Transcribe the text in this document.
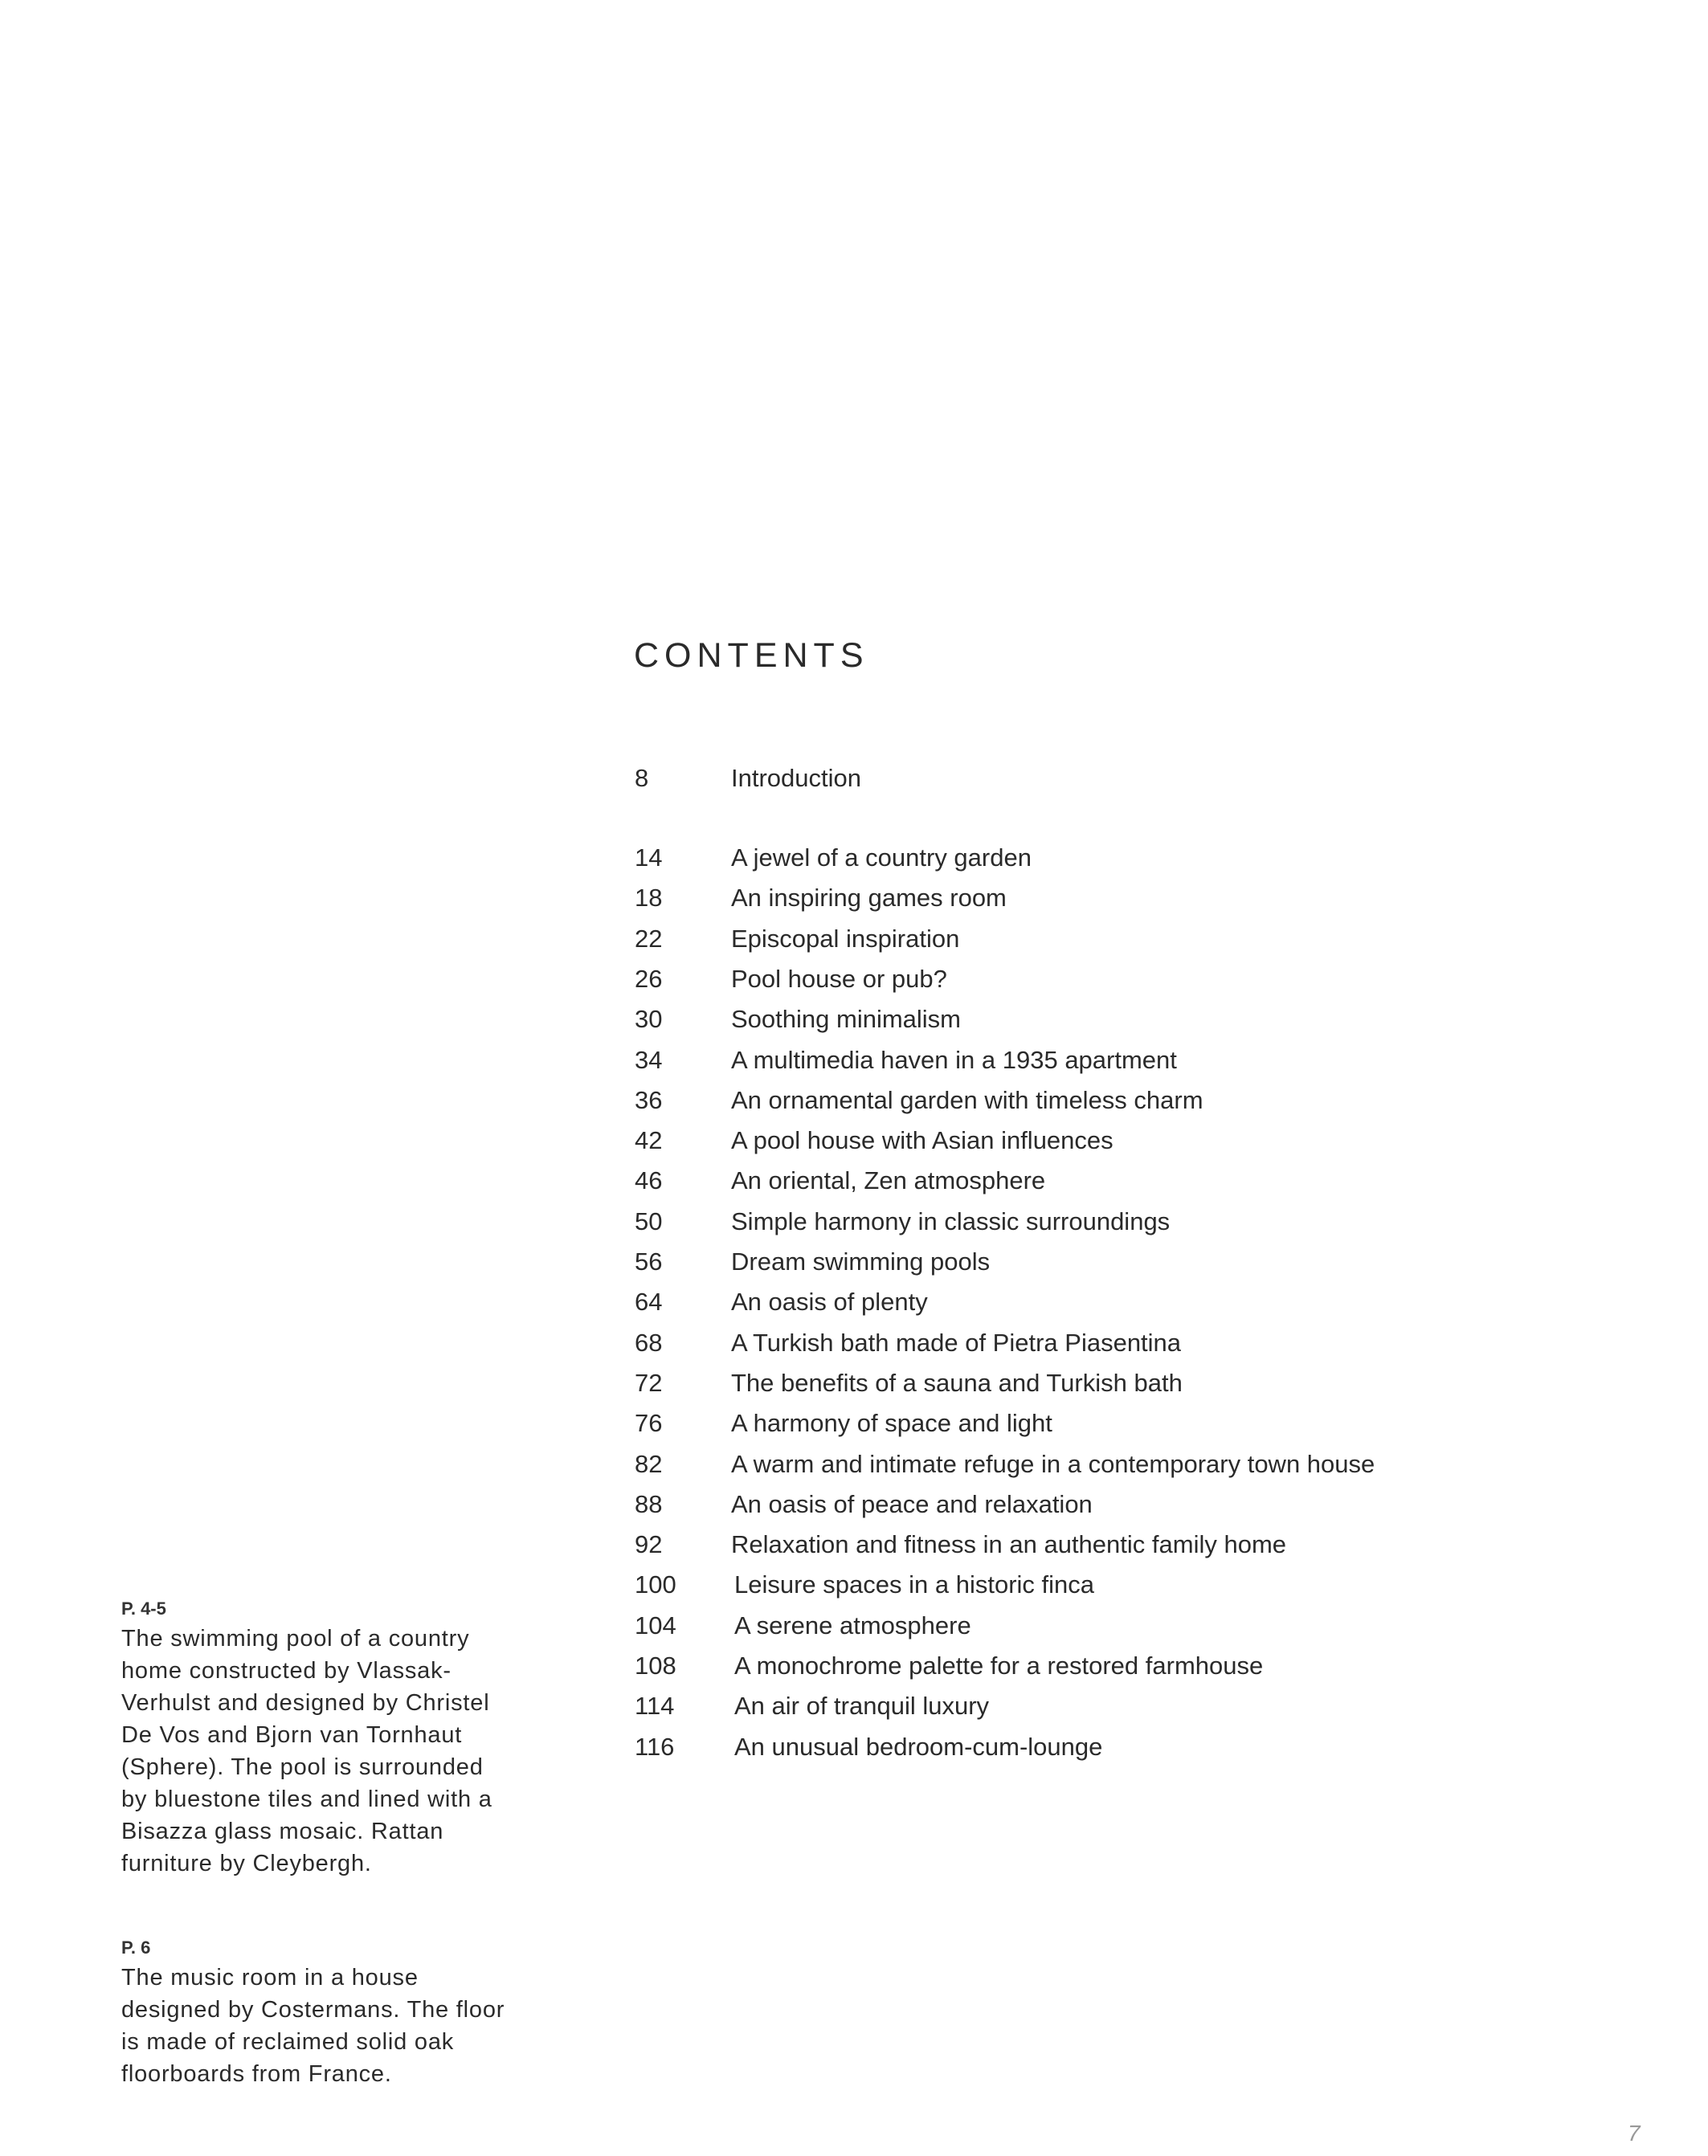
CONTENTS
8	Introduction
14	A jewel of a country garden
18	An inspiring games room
22	Episcopal inspiration
26	Pool house or pub?
30	Soothing minimalism
34	A multimedia haven in a 1935 apartment
36	An ornamental garden with timeless charm
42	A pool house with Asian influences
46	An oriental, Zen atmosphere
50	Simple harmony in classic surroundings
56	Dream swimming pools
64	An oasis of plenty
68	A Turkish bath made of Pietra Piasentina
72	The benefits of a sauna and Turkish bath
76	A harmony of space and light
82	A warm and intimate refuge in a contemporary town house
88	An oasis of peace and relaxation
92	Relaxation and fitness in an authentic family home
100	Leisure spaces in a historic finca
104	A serene atmosphere
108	A monochrome palette for a restored farmhouse
114	An air of tranquil luxury
116	An unusual bedroom-cum-lounge
P. 4-5
The swimming pool of a country home constructed by Vlassak-Verhulst and designed by Christel De Vos and Bjorn van Tornhaut (Sphere). The pool is surrounded by bluestone tiles and lined with a Bisazza glass mosaic. Rattan furniture by Cleybergh.
P. 6
The music room in a house designed by Costermans. The floor is made of reclaimed solid oak floorboards from France.
7
